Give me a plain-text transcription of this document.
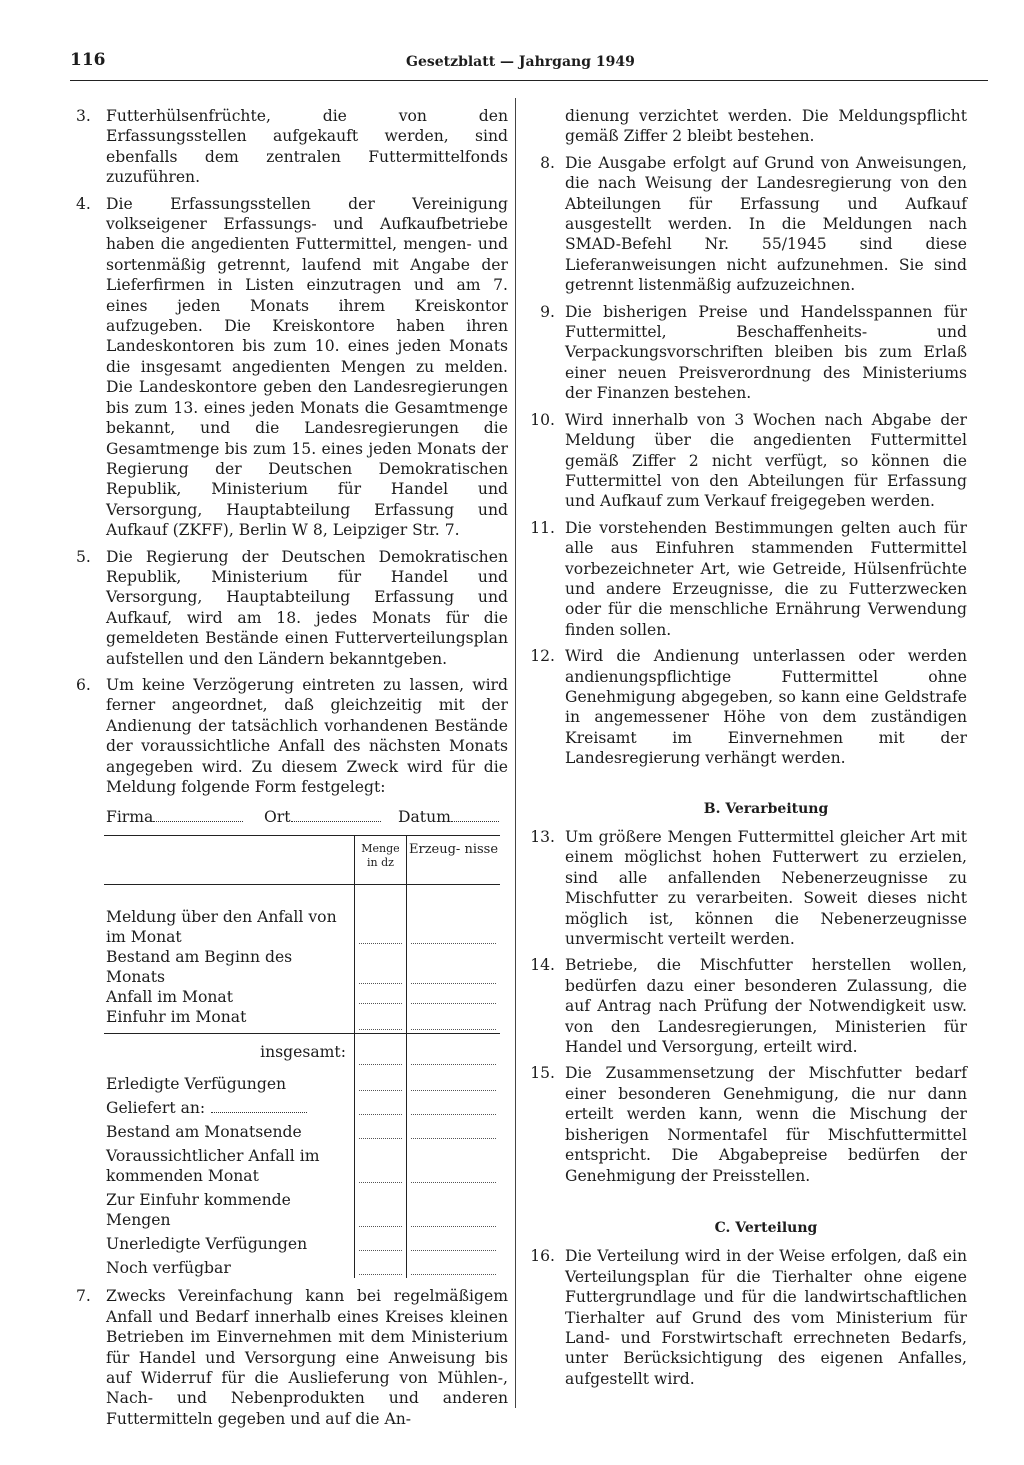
116	Gesetzblatt — Jahrgang 1949
3. Futterhülsenfrüchte, die von den Erfassungsstellen aufgekauft werden, sind ebenfalls dem zentralen Futtermittelfonds zuzuführen.
4. Die Erfassungsstellen der Vereinigung volkseigener Erfassungs- und Aufkaufbetriebe haben die angedienten Futtermittel, mengen- und sortenmäßig getrennt, laufend mit Angabe der Lieferfirmen in Listen einzutragen und am 7. eines jeden Monats ihrem Kreiskontor aufzugeben. Die Kreiskontore haben ihren Landeskontoren bis zum 10. eines jeden Monats die insgesamt angedienten Mengen zu melden. Die Landeskontore geben den Landesregierungen bis zum 13. eines jeden Monats die Gesamtmenge bekannt, und die Landesregierungen die Gesamtmenge bis zum 15. eines jeden Monats der Regierung der Deutschen Demokratischen Republik, Ministerium für Handel und Versorgung, Hauptabteilung Erfassung und Aufkauf (ZKFF), Berlin W 8, Leipziger Str. 7.
5. Die Regierung der Deutschen Demokratischen Republik, Ministerium für Handel und Versorgung, Hauptabteilung Erfassung und Aufkauf, wird am 18. jedes Monats für die gemeldeten Bestände einen Futterverteilungsplan aufstellen und den Ländern bekanntgeben.
6. Um keine Verzögerung eintreten zu lassen, wird ferner angeordnet, daß gleichzeitig mit der Andienung der tatsächlich vorhandenen Bestände der voraussichtliche Anfall des nächsten Monats angegeben wird. Zu diesem Zweck wird für die Meldung folgende Form festgelegt:
Firma	Ort	Datum
	Menge in dz	Erzeug- nisse

Meldung über den Anfall von im Monat		
Bestand am Beginn des Monats		
Anfall im Monat		
Einfuhr im Monat		
insgesamt:		
Erledigte Verfügungen		
Geliefert an:		
Bestand am Monatsende		
Voraussichtlicher Anfall im kommenden Monat		
Zur Einfuhr kommende Mengen		
Unerledigte Verfügungen		
Noch verfügbar		
7. Zwecks Vereinfachung kann bei regelmäßigem Anfall und Bedarf innerhalb eines Kreises kleinen Betrieben im Einvernehmen mit dem Ministerium für Handel und Versorgung eine Anweisung bis auf Widerruf für die Auslieferung von Mühlen-, Nach- und Nebenprodukten und anderen Futtermitteln gegeben und auf die An-
dienung verzichtet werden. Die Meldungspflicht gemäß Ziffer 2 bleibt bestehen.
8. Die Ausgabe erfolgt auf Grund von Anweisungen, die nach Weisung der Landesregierung von den Abteilungen für Erfassung und Aufkauf ausgestellt werden. In die Meldungen nach SMAD-Befehl Nr. 55/1945 sind diese Lieferanweisungen nicht aufzunehmen. Sie sind getrennt listenmäßig aufzuzeichnen.
9. Die bisherigen Preise und Handelsspannen für Futtermittel, Beschaffenheits- und Verpackungsvorschriften bleiben bis zum Erlaß einer neuen Preisverordnung des Ministeriums der Finanzen bestehen.
10. Wird innerhalb von 3 Wochen nach Abgabe der Meldung über die angedienten Futtermittel gemäß Ziffer 2 nicht verfügt, so können die Futtermittel von den Abteilungen für Erfassung und Aufkauf zum Verkauf freigegeben werden.
11. Die vorstehenden Bestimmungen gelten auch für alle aus Einfuhren stammenden Futtermittel vorbezeichneter Art, wie Getreide, Hülsenfrüchte und andere Erzeugnisse, die zu Futterzwecken oder für die menschliche Ernährung Verwendung finden sollen.
12. Wird die Andienung unterlassen oder werden andienungspflichtige Futtermittel ohne Genehmigung abgegeben, so kann eine Geldstrafe in angemessener Höhe von dem zuständigen Kreisamt im Einvernehmen mit der Landesregierung verhängt werden.
B. Verarbeitung
13. Um größere Mengen Futtermittel gleicher Art mit einem möglichst hohen Futterwert zu erzielen, sind alle anfallenden Nebenerzeugnisse zu Mischfutter zu verarbeiten. Soweit dieses nicht möglich ist, können die Nebenerzeugnisse unvermischt verteilt werden.
14. Betriebe, die Mischfutter herstellen wollen, bedürfen dazu einer besonderen Zulassung, die auf Antrag nach Prüfung der Notwendigkeit usw. von den Landesregierungen, Ministerien für Handel und Versorgung, erteilt wird.
15. Die Zusammensetzung der Mischfutter bedarf einer besonderen Genehmigung, die nur dann erteilt werden kann, wenn die Mischung der bisherigen Normentafel für Mischfuttermittel entspricht. Die Abgabepreise bedürfen der Genehmigung der Preisstellen.
C. Verteilung
16. Die Verteilung wird in der Weise erfolgen, daß ein Verteilungsplan für die Tierhalter ohne eigene Futtergrundlage und für die landwirtschaftlichen Tierhalter auf Grund des vom Ministerium für Land- und Forstwirtschaft errechneten Bedarfs, unter Berücksichtigung des eigenen Anfalles, aufgestellt wird.
